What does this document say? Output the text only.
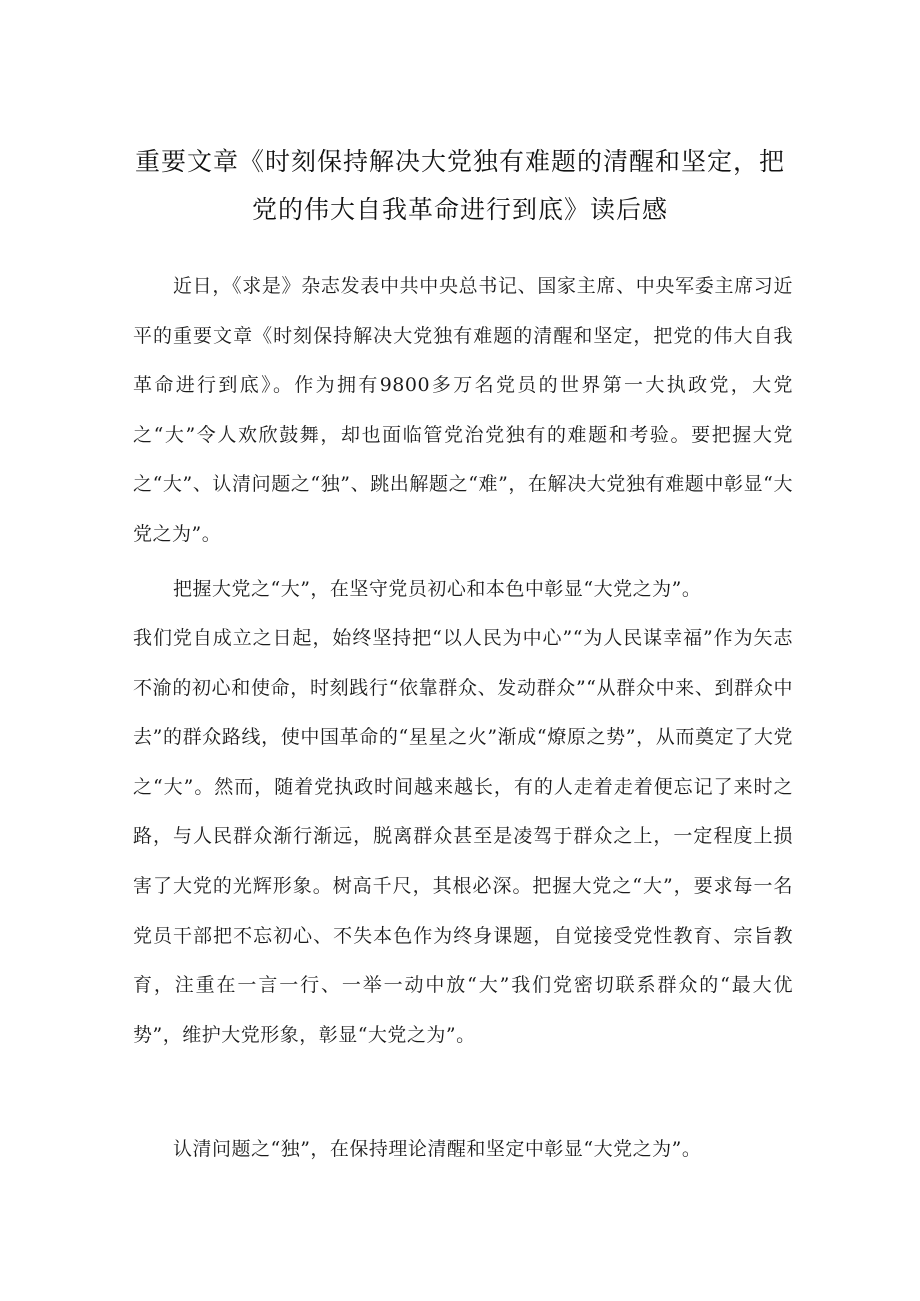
重要文章《时刻保持解决大党独有难题的清醒和坚定，把党的伟大自我革命进行到底》读后感

近日，《求是》杂志发表中共中央总书记、国家主席、中央军委主席习近平的重要文章《时刻保持解决大党独有难题的清醒和坚定，把党的伟大自我革命进行到底》。作为拥有9800多万名党员的世界第一大执政党，大党之“大”令人欢欣鼓舞，却也面临管党治党独有的难题和考验。要把握大党之“大”、认清问题之“独”、跳出解题之“难”，在解决大党独有难题中彰显“大党之为”。

把握大党之“大”，在坚守党员初心和本色中彰显“大党之为”。

我们党自成立之日起，始终坚持把“以人民为中心”“为人民谋幸福”作为矢志不渝的初心和使命，时刻践行“依靠群众、发动群众”“从群众中来、到群众中去”的群众路线，使中国革命的“星星之火”渐成“燎原之势”，从而奠定了大党之“大”。然而，随着党执政时间越来越长，有的人走着走着便忘记了来时之路，与人民群众渐行渐远，脱离群众甚至是凌驾于群众之上，一定程度上损害了大党的光辉形象。树高千尺，其根必深。把握大党之“大”，要求每一名党员干部把不忘初心、不失本色作为终身课题，自觉接受党性教育、宗旨教育，注重在一言一行、一举一动中放“大”我们党密切联系群众的“最大优势”，维护大党形象，彰显“大党之为”。

认清问题之“独”，在保持理论清醒和坚定中彰显“大党之为”。
